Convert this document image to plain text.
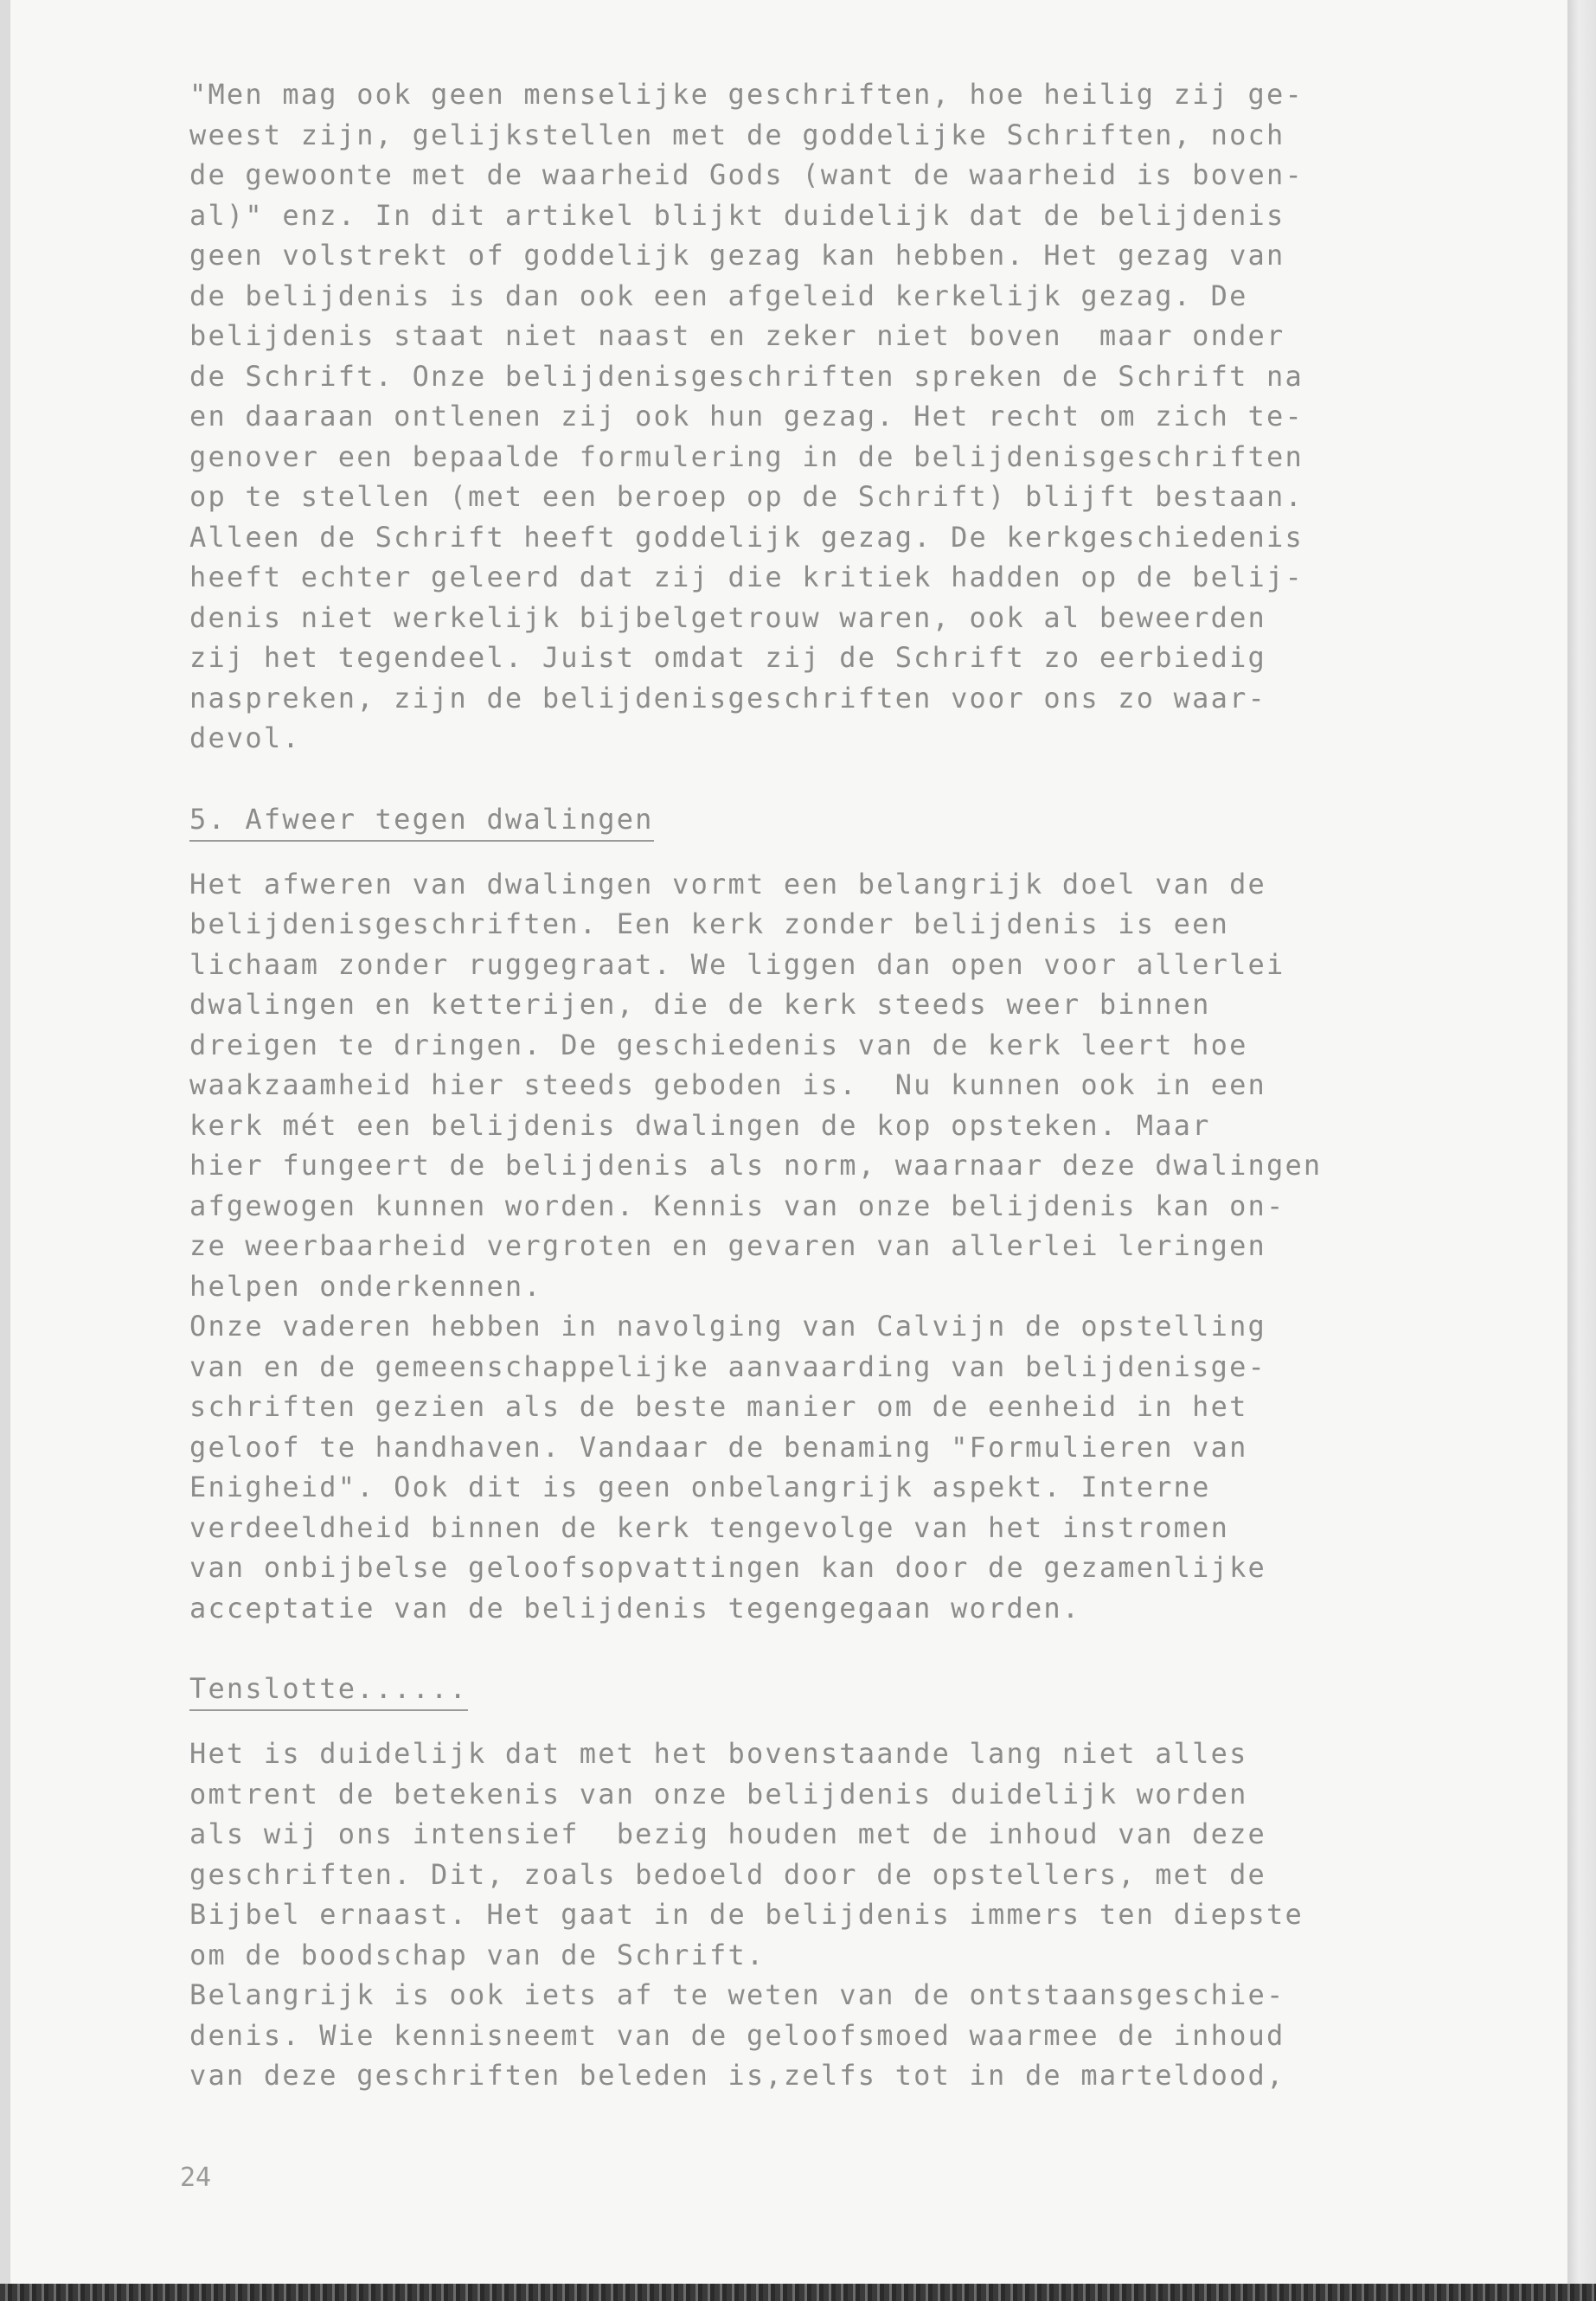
"Men mag ook geen menselijke geschriften, hoe heilig zij ge-
weest zijn, gelijkstellen met de goddelijke Schriften, noch
de gewoonte met de waarheid Gods (want de waarheid is boven-
al)" enz. In dit artikel blijkt duidelijk dat de belijdenis
geen volstrekt of goddelijk gezag kan hebben. Het gezag van
de belijdenis is dan ook een afgeleid kerkelijk gezag. De
belijdenis staat niet naast en zeker niet boven  maar onder
de Schrift. Onze belijdenisgeschriften spreken de Schrift na
en daaraan ontlenen zij ook hun gezag. Het recht om zich te-
genover een bepaalde formulering in de belijdenisgeschriften
op te stellen (met een beroep op de Schrift) blijft bestaan.
Alleen de Schrift heeft goddelijk gezag. De kerkgeschiedenis
heeft echter geleerd dat zij die kritiek hadden op de belij-
denis niet werkelijk bijbelgetrouw waren, ook al beweerden
zij het tegendeel. Juist omdat zij de Schrift zo eerbiedig
naspreken, zijn de belijdenisgeschriften voor ons zo waar-
devol.

5. Afweer tegen dwalingen

Het afweren van dwalingen vormt een belangrijk doel van de
belijdenisgeschriften. Een kerk zonder belijdenis is een
lichaam zonder ruggegraat. We liggen dan open voor allerlei
dwalingen en ketterijen, die de kerk steeds weer binnen
dreigen te dringen. De geschiedenis van de kerk leert hoe
waakzaamheid hier steeds geboden is.  Nu kunnen ook in een
kerk mét een belijdenis dwalingen de kop opsteken. Maar
hier fungeert de belijdenis als norm, waarnaar deze dwalingen
afgewogen kunnen worden. Kennis van onze belijdenis kan on-
ze weerbaarheid vergroten en gevaren van allerlei leringen
helpen onderkennen.
Onze vaderen hebben in navolging van Calvijn de opstelling
van en de gemeenschappelijke aanvaarding van belijdenisge-
schriften gezien als de beste manier om de eenheid in het
geloof te handhaven. Vandaar de benaming "Formulieren van
Enigheid". Ook dit is geen onbelangrijk aspekt. Interne
verdeeldheid binnen de kerk tengevolge van het instromen
van onbijbelse geloofsopvattingen kan door de gezamenlijke
acceptatie van de belijdenis tegengegaan worden.

Tenslotte......

Het is duidelijk dat met het bovenstaande lang niet alles
omtrent de betekenis van onze belijdenis duidelijk worden
als wij ons intensief  bezig houden met de inhoud van deze
geschriften. Dit, zoals bedoeld door de opstellers, met de
Bijbel ernaast. Het gaat in de belijdenis immers ten diepste
om de boodschap van de Schrift.
Belangrijk is ook iets af te weten van de ontstaansgeschie-
denis. Wie kennisneemt van de geloofsmoed waarmee de inhoud
van deze geschriften beleden is,zelfs tot in de marteldood,

24
